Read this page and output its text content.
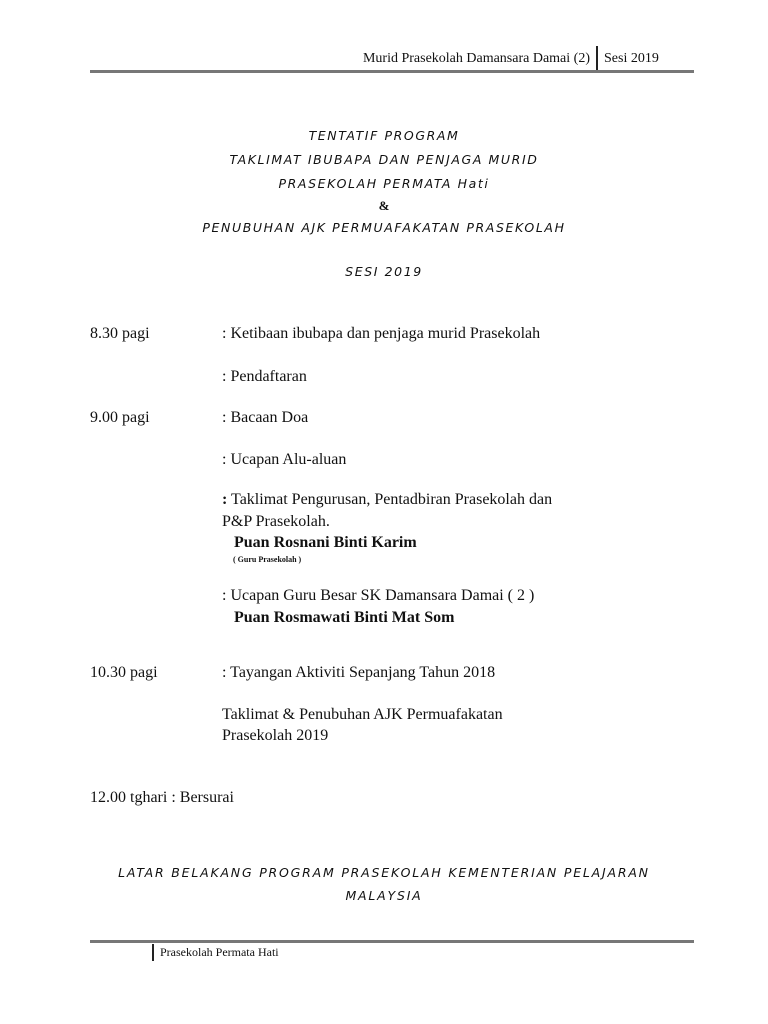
Murid Prasekolah Damansara Damai (2) Sesi 2019
TENTATIF PROGRAM
TAKLIMAT IBUBAPA DAN PENJAGA MURID
PRASEKOLAH PERMATA Hati
&
PENUBUHAN AJK PERMUAFAKATAN PRASEKOLAH
SESI 2019
8.30 pagi	: Ketibaan ibubapa dan penjaga murid Prasekolah
: Pendaftaran
9.00 pagi	: Bacaan Doa
: Ucapan Alu-aluan
: Taklimat Pengurusan, Pentadbiran Prasekolah dan
P&P Prasekolah.
Puan Rosnani Binti Karim
( Guru Prasekolah )
: Ucapan Guru Besar SK Damansara Damai ( 2 )
Puan Rosmawati Binti Mat Som
10.30 pagi	: Tayangan Aktiviti Sepanjang Tahun 2018
Taklimat & Penubuhan AJK Permuafakatan
Prasekolah 2019
12.00 tghari : Bersurai
LATAR BELAKANG PROGRAM PRASEKOLAH KEMENTERIAN PELAJARAN
MALAYSIA
Prasekolah Permata Hati
